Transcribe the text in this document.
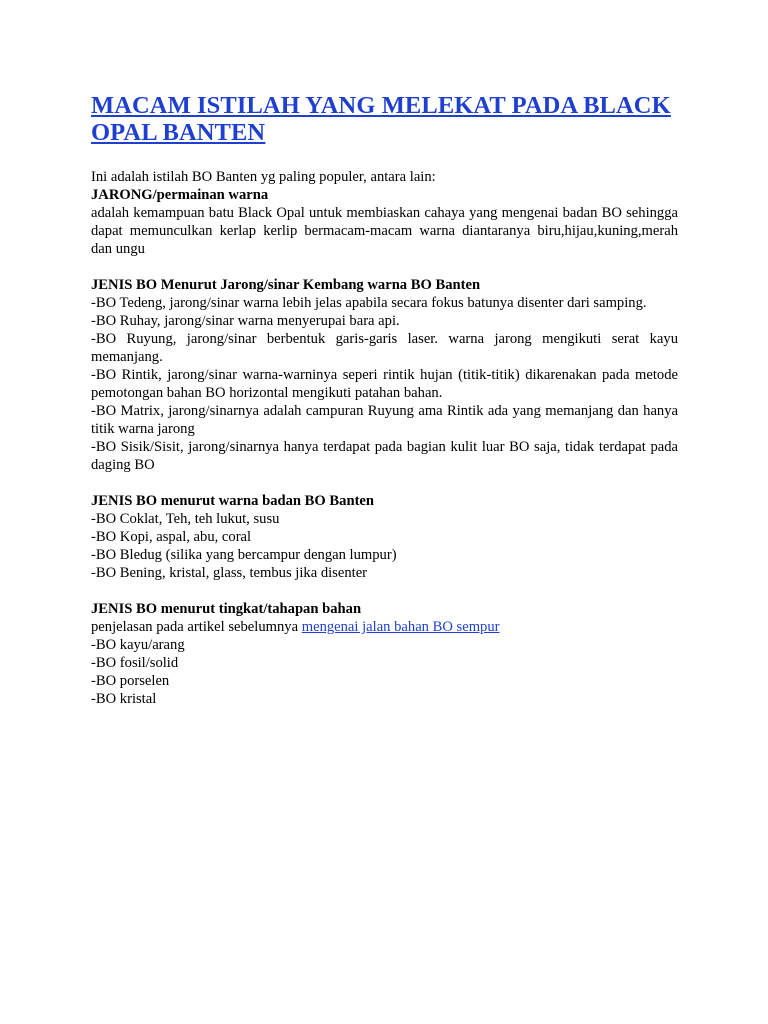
MACAM ISTILAH YANG MELEKAT PADA BLACK OPAL BANTEN

Ini adalah istilah BO Banten yg paling populer, antara lain:

JARONG/permainan warna

adalah kemampuan batu Black Opal untuk membiaskan cahaya yang mengenai badan BO sehingga dapat memunculkan kerlap kerlip bermacam-macam warna diantaranya biru,hijau,kuning,merah dan ungu

JENIS BO Menurut Jarong/sinar Kembang warna BO Banten

-BO Tedeng, jarong/sinar warna lebih jelas apabila secara fokus batunya disenter dari samping.

-BO Ruhay, jarong/sinar warna menyerupai bara api.

-BO Ruyung, jarong/sinar berbentuk garis-garis laser. warna jarong mengikuti serat kayu memanjang.

-BO Rintik, jarong/sinar warna-warninya seperi rintik hujan (titik-titik) dikarenakan pada metode pemotongan bahan BO horizontal mengikuti patahan bahan.

-BO Matrix, jarong/sinarnya adalah campuran Ruyung ama Rintik ada yang memanjang dan hanya titik warna jarong

-BO Sisik/Sisit, jarong/sinarnya hanya terdapat pada bagian kulit luar BO saja, tidak terdapat pada daging BO

JENIS BO menurut warna badan BO Banten

-BO Coklat, Teh, teh lukut, susu

-BO Kopi, aspal, abu, coral

-BO Bledug (silika yang bercampur dengan lumpur)

-BO Bening, kristal, glass, tembus jika disenter

JENIS BO menurut tingkat/tahapan bahan

penjelasan pada artikel sebelumnya mengenai jalan bahan BO sempur

-BO kayu/arang

-BO fosil/solid

-BO porselen

-BO kristal
